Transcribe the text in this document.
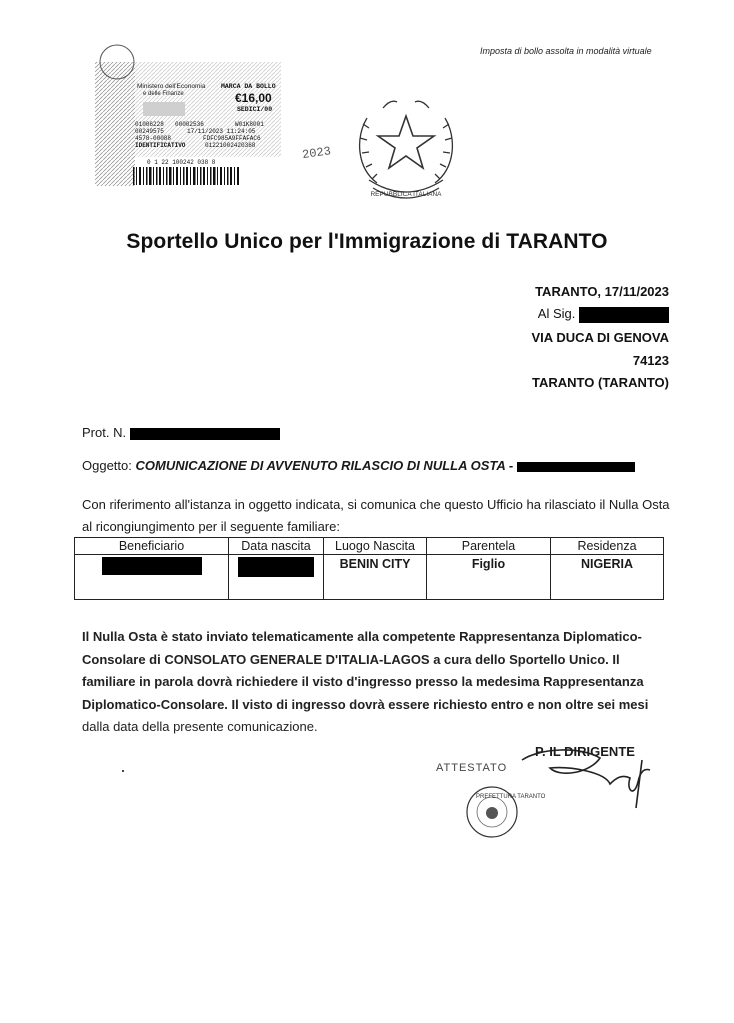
Imposta di bollo assolta in modalità virtuale
Ministero dell'Economia
e delle Finanze
MARCA DA BOLLO
€16,00
SEDICI/00
01006228 00002536	W01K8001
00249575	17/11/2023 11:24:05
4578-00088	FDFC985A9FFAFAC6
IDENTIFICATIVO	01221002420368
0 1 22 100242 038 8
2023
REPUBBLICA ITALIANA
Sportello Unico per l'Immigrazione di TARANTO
TARANTO, 17/11/2023
Al Sig.
VIA DUCA DI GENOVA
74123
TARANTO (TARANTO)
Prot. N.
Oggetto: COMUNICAZIONE DI AVVENUTO RILASCIO DI NULLA OSTA -
Con riferimento all'istanza in oggetto indicata, si comunica che questo Ufficio ha rilasciato il Nulla Osta al ricongiungimento per il seguente familiare:
Beneficiario	Data nascita	Luogo Nascita	Parentela	Residenza
		BENIN CITY	Figlio	NIGERIA
Il Nulla Osta è stato inviato telematicamente alla competente Rappresentanza Diplomatico-Consolare di CONSOLATO GENERALE D'ITALIA-LAGOS a cura dello Sportello Unico. Il familiare in parola dovrà richiedere il visto d'ingresso presso la medesima Rappresentanza Diplomatico-Consolare. Il visto di ingresso dovrà essere richiesto entro e non oltre sei mesi dalla data della presente comunicazione.
P. IL DIRIGENTE
ATTESTATO
PREFETTURA TARANTO
